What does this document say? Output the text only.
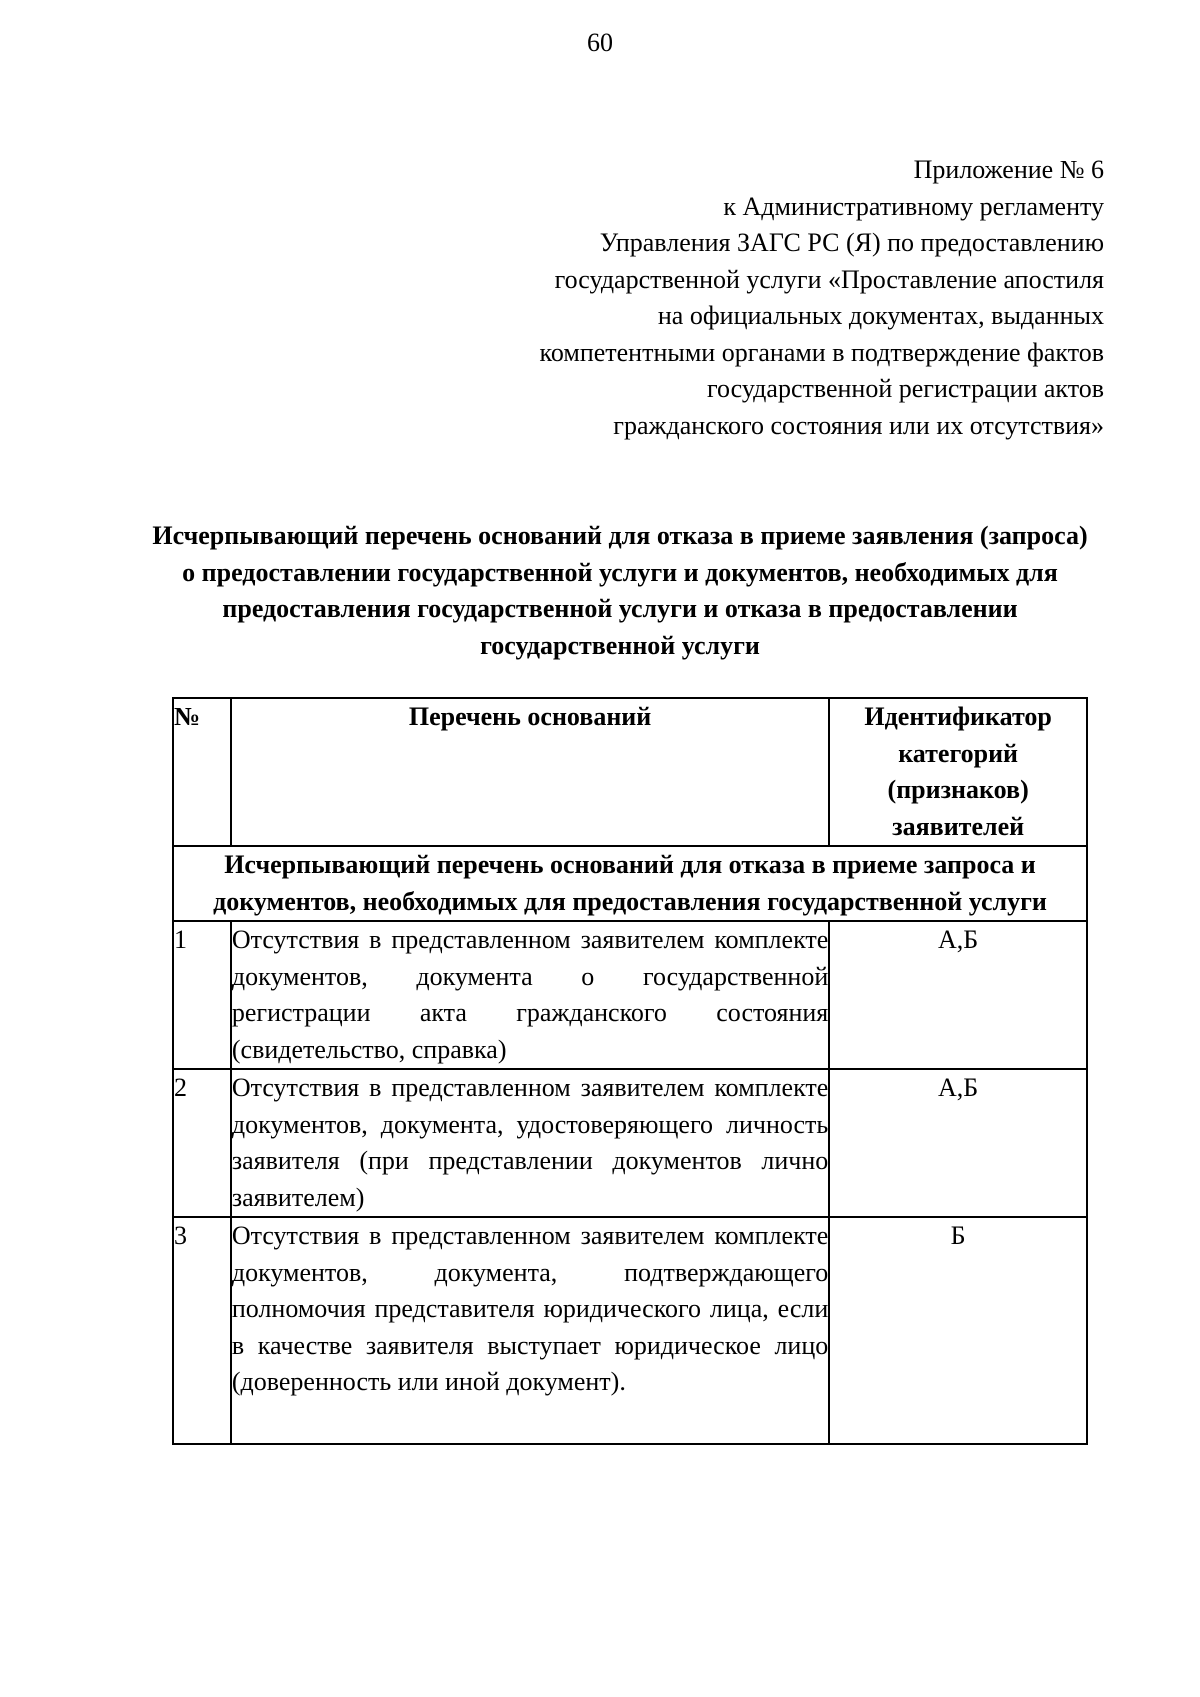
60
Приложение № 6
к Административному регламенту
Управления ЗАГС РС (Я) по предоставлению
государственной услуги «Проставление апостиля
на официальных документах, выданных
компетентными органами в подтверждение фактов
государственной регистрации актов
гражданского состояния или их отсутствия»
Исчерпывающий перечень оснований для отказа в приеме заявления (запроса) о предоставлении государственной услуги и документов, необходимых для предоставления государственной услуги и отказа в предоставлении государственной услуги
№	Перечень оснований	Идентификатор категорий (признаков) заявителей
Исчерпывающий перечень оснований для отказа в приеме запроса и документов, необходимых для предоставления государственной услуги		
1	Отсутствия в представленном заявителем комплекте документов, документа о государственной регистрации акта гражданского состояния (свидетельство, справка)	А,Б
2	Отсутствия в представленном заявителем комплекте документов, документа, удостоверяющего личность заявителя (при представлении документов лично заявителем)	А,Б
3	Отсутствия в представленном заявителем комплекте документов, документа, подтверждающего полномочия представителя юридического лица, если в качестве заявителя выступает юридическое лицо (доверенность или иной документ).	Б
